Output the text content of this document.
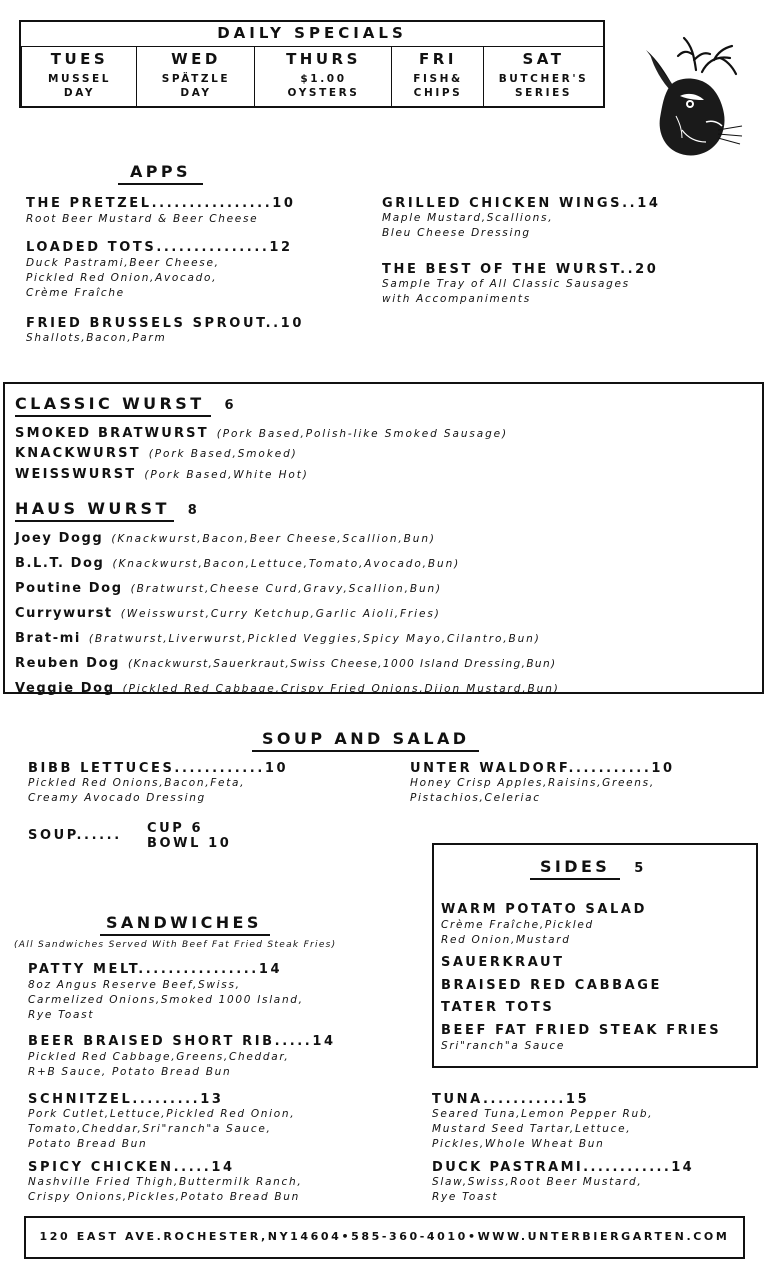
DAILY SPECIALS
TUES
MUSSEL
DAY
WED
SPÄTZLE
DAY
THURS
$1.00
OYSTERS
FRI
FISH&
CHIPS
SAT
BUTCHER'S
SERIES
APPS
THE PRETZEL................10
Root Beer Mustard & Beer Cheese
LOADED TOTS...............12
Duck Pastrami,Beer Cheese,
Pickled Red Onion,Avocado,
Crème Fraîche
FRIED BRUSSELS SPROUT..10
Shallots,Bacon,Parm
GRILLED CHICKEN WINGS..14
Maple Mustard,Scallions,
Bleu Cheese Dressing
THE BEST OF THE WURST..20
Sample Tray of All Classic Sausages
with Accompaniments
CLASSIC WURST 6
SMOKED BRATWURST (Pork Based,Polish-like Smoked Sausage)
KNACKWURST (Pork Based,Smoked)
WEISSWURST (Pork Based,White Hot)
HAUS WURST 8
Joey Dogg (Knackwurst,Bacon,Beer Cheese,Scallion,Bun)
B.L.T. Dog (Knackwurst,Bacon,Lettuce,Tomato,Avocado,Bun)
Poutine Dog (Bratwurst,Cheese Curd,Gravy,Scallion,Bun)
Currywurst (Weisswurst,Curry Ketchup,Garlic Aioli,Fries)
Brat-mi (Bratwurst,Liverwurst,Pickled Veggies,Spicy Mayo,Cilantro,Bun)
Reuben Dog (Knackwurst,Sauerkraut,Swiss Cheese,1000 Island Dressing,Bun)
Veggie Dog (Pickled Red Cabbage,Crispy Fried Onions,Dijon Mustard,Bun)
SOUP AND SALAD
BIBB LETTUCES............10
Pickled Red Onions,Bacon,Feta,
Creamy Avocado Dressing
UNTER WALDORF...........10
Honey Crisp Apples,Raisins,Greens,
Pistachios,Celeriac
SOUP...... CUP 6
BOWL 10
SIDES 5
WARM POTATO SALAD
Crème Fraîche,Pickled
Red Onion,Mustard
SAUERKRAUT
BRAISED RED CABBAGE
TATER TOTS
BEEF FAT FRIED STEAK FRIES
Sri"ranch"a Sauce
SANDWICHES
(All Sandwiches Served With Beef Fat Fried Steak Fries)
PATTY MELT................14
8oz Angus Reserve Beef,Swiss,
Carmelized Onions,Smoked 1000 Island,
Rye Toast
BEER BRAISED SHORT RIB.....14
Pickled Red Cabbage,Greens,Cheddar,
R+B Sauce, Potato Bread Bun
SCHNITZEL.........13
Pork Cutlet,Lettuce,Pickled Red Onion,
Tomato,Cheddar,Sri"ranch"a Sauce,
Potato Bread Bun
SPICY CHICKEN.....14
Nashville Fried Thigh,Buttermilk Ranch,
Crispy Onions,Pickles,Potato Bread Bun
TUNA...........15
Seared Tuna,Lemon Pepper Rub,
Mustard Seed Tartar,Lettuce,
Pickles,Whole Wheat Bun
DUCK PASTRAMI............14
Slaw,Swiss,Root Beer Mustard,
Rye Toast
120 EAST AVE.ROCHESTER,NY14604•585-360-4010•WWW.UNTERBIERGARTEN.COM
